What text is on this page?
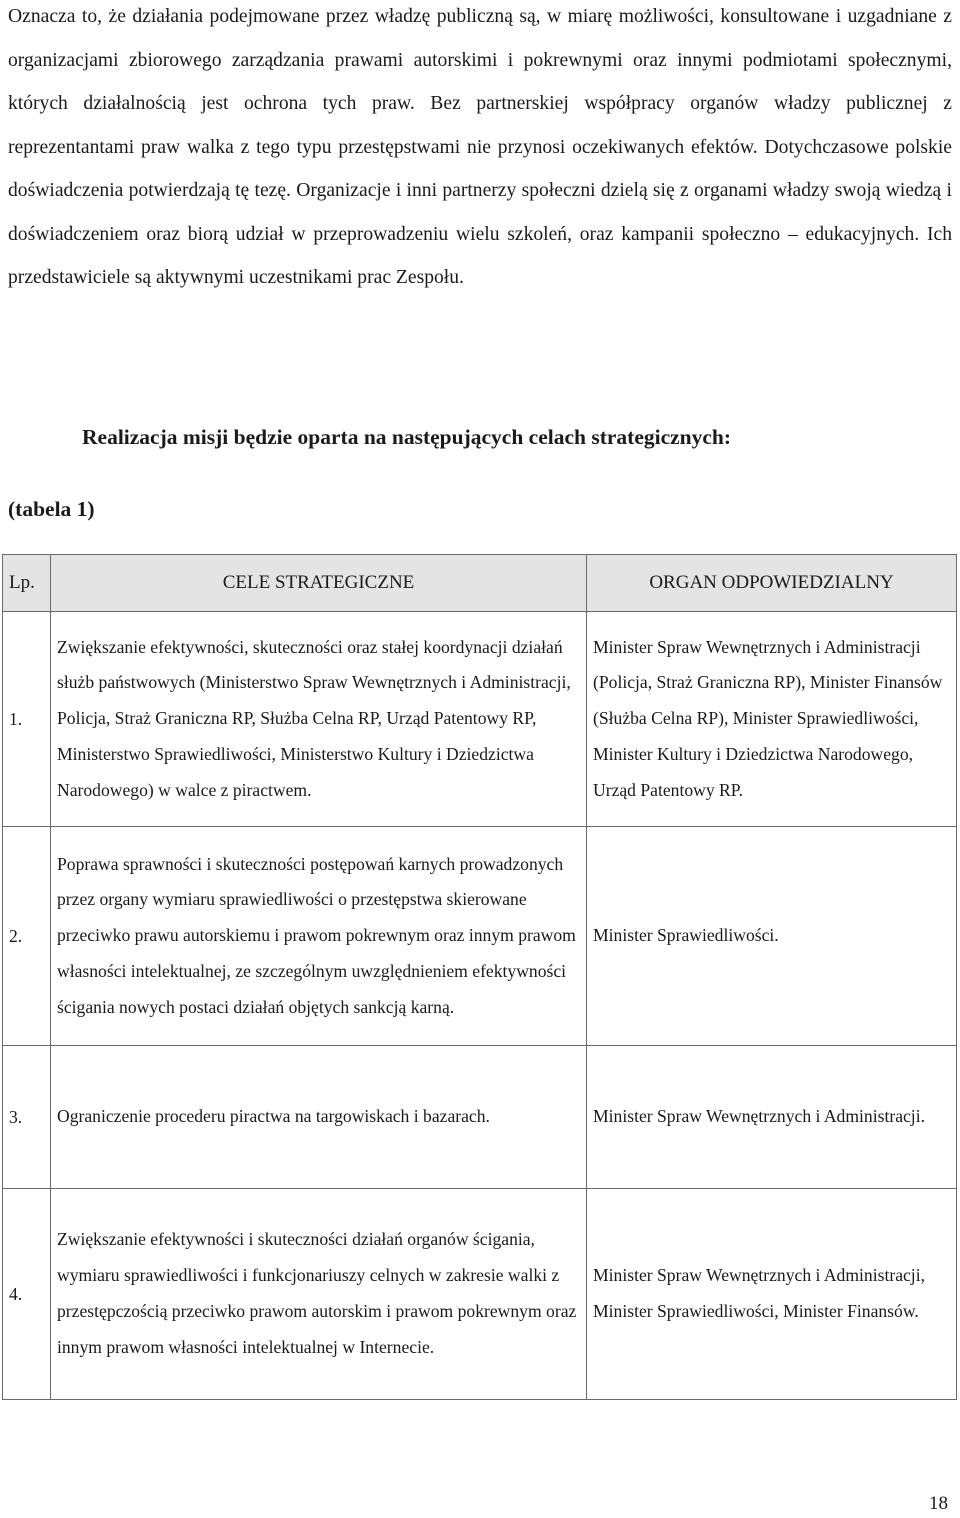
Oznacza to, że działania podejmowane przez władzę publiczną są, w miarę możliwości, konsultowane i uzgadniane z organizacjami zbiorowego zarządzania prawami autorskimi i pokrewnymi oraz innymi podmiotami społecznymi, których działalnością jest ochrona tych praw. Bez partnerskiej współpracy organów władzy publicznej z reprezentantami praw walka z tego typu przestępstwami nie przynosi oczekiwanych efektów. Dotychczasowe polskie doświadczenia potwierdzają tę tezę. Organizacje i inni partnerzy społeczni dzielą się z organami władzy swoją wiedzą i doświadczeniem oraz biorą udział w przeprowadzeniu wielu szkoleń, oraz kampanii społeczno – edukacyjnych. Ich przedstawiciele są aktywnymi uczestnikami prac Zespołu.

Realizacja misji będzie oparta na następujących celach strategicznych:

(tabela 1)

Lp.	CELE STRATEGICZNE	ORGAN ODPOWIEDZIALNY
1.	Zwiększanie efektywności, skuteczności oraz stałej koordynacji działań służb państwowych (Ministerstwo Spraw Wewnętrznych i Administracji, Policja, Straż Graniczna RP, Służba Celna RP, Urząd Patentowy RP, Ministerstwo Sprawiedliwości, Ministerstwo Kultury i Dziedzictwa Narodowego) w walce z piractwem.	Minister Spraw Wewnętrznych i Administracji (Policja, Straż Graniczna RP), Minister Finansów (Służba Celna RP), Minister Sprawiedliwości, Minister Kultury i Dziedzictwa Narodowego, Urząd Patentowy RP.
2.	Poprawa sprawności i skuteczności postępowań karnych prowadzonych przez organy wymiaru sprawiedliwości o przestępstwa skierowane przeciwko prawu autorskiemu i prawom pokrewnym oraz innym prawom własności intelektualnej, ze szczególnym uwzględnieniem efektywności ścigania nowych postaci działań objętych sankcją karną.	Minister Sprawiedliwości.
3.	Ograniczenie procederu piractwa na targowiskach i bazarach.	Minister Spraw Wewnętrznych i Administracji.
4.	Zwiększanie efektywności i skuteczności działań organów ścigania, wymiaru sprawiedliwości i funkcjonariuszy celnych w zakresie walki z przestępczością przeciwko prawom autorskim i prawom pokrewnym oraz innym prawom własności intelektualnej w Internecie.	Minister Spraw Wewnętrznych i Administracji, Minister Sprawiedliwości, Minister Finansów.

18
